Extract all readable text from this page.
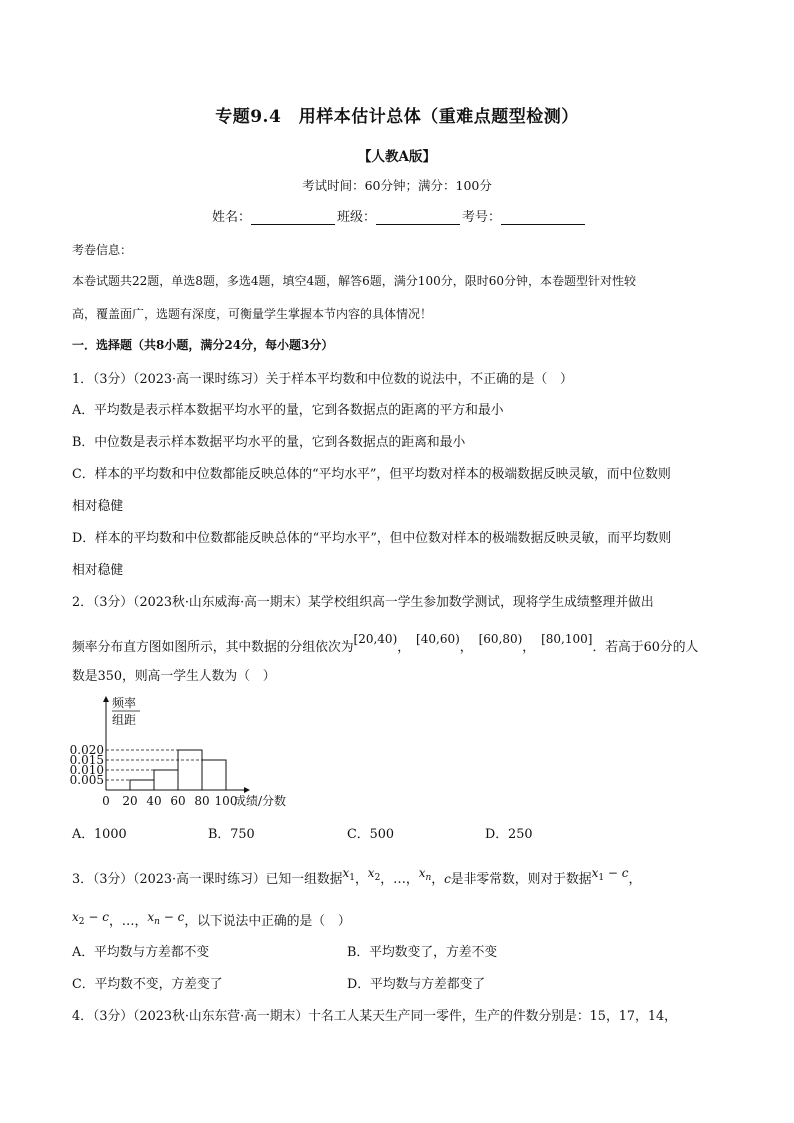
专题9.4　用样本估计总体（重难点题型检测）
【人教A版】
考试时间：60分钟；满分：100分
姓名：	班级：	考号：
考卷信息：
本卷试题共22题，单选8题，多选4题，填空4题，解答6题，满分100分，限时60分钟，本卷题型针对性较
高，覆盖面广，选题有深度，可衡量学生掌握本节内容的具体情况！
一．选择题（共8小题，满分24分，每小题3分）
1．（3分）（2023·高一课时练习）关于样本平均数和中位数的说法中，不正确的是（　）
A．平均数是表示样本数据平均水平的量，它到各数据点的距离的平方和最小
B．中位数是表示样本数据平均水平的量，它到各数据点的距离和最小
C．样本的平均数和中位数都能反映总体的“平均水平”，但平均数对样本的极端数据反映灵敏，而中位数则
相对稳健
D．样本的平均数和中位数都能反映总体的“平均水平”，但中位数对样本的极端数据反映灵敏，而平均数则
相对稳健
2．（3分）（2023秋·山东威海·高一期末）某学校组织高一学生参加数学测试，现将学生成绩整理并做出
频率分布直方图如图所示，其中数据的分组依次为[20,40)，[40,60)，[60,80)，[80,100]．若高于60分的人
数是350，则高一学生人数为（　）
频率
组距
0.005
0.010
0.015
0.020
0 20 40 60 80 100
成绩/分数
A．1000	B．750	C．500	D．250
3．（3分）（2023·高一课时练习）已知一组数据$x_1$，$x_2$，…，$x_n$，c是非零常数，则对于数据$x_1 - c$，
$x_2 - c$，…，$x_n - c$，以下说法中正确的是（　）
A．平均数与方差都不变	B．平均数变了，方差不变
C．平均数不变，方差变了	D．平均数与方差都变了
4．（3分）（2023秋·山东东营·高一期末）十名工人某天生产同一零件，生产的件数分别是：15，17，14，
